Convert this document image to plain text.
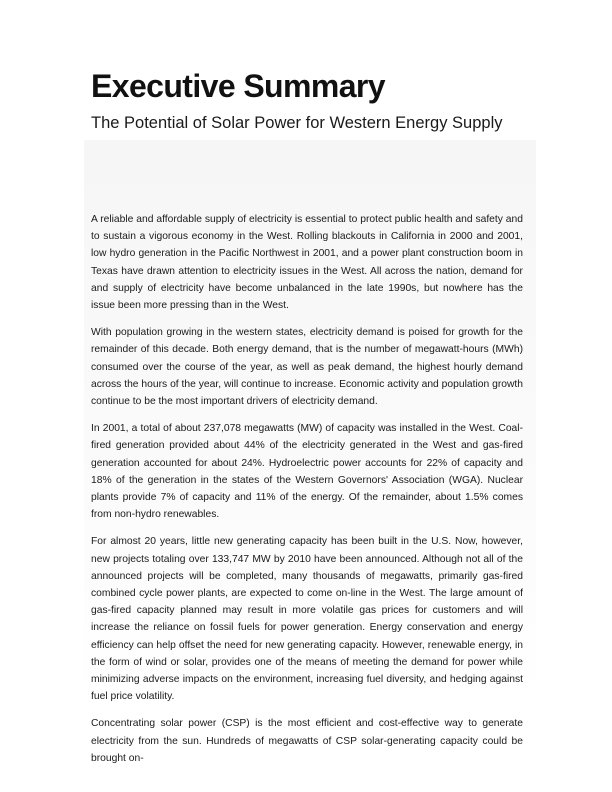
Executive Summary
The Potential of Solar Power for Western Energy Supply

A reliable and affordable supply of electricity is essential to protect public health and safety and to sustain a vigorous economy in the West. Rolling blackouts in California in 2000 and 2001, low hydro generation in the Pacific Northwest in 2001, and a power plant construction boom in Texas have drawn attention to electricity issues in the West. All across the nation, demand for and supply of electricity have become unbalanced in the late 1990s, but nowhere has the issue been more pressing than in the West.

With population growing in the western states, electricity demand is poised for growth for the remainder of this decade. Both energy demand, that is the number of megawatt-hours (MWh) consumed over the course of the year, as well as peak demand, the highest hourly demand across the hours of the year, will continue to increase. Economic activity and population growth continue to be the most important drivers of electricity demand.

In 2001, a total of about 237,078 megawatts (MW) of capacity was installed in the West. Coal-fired generation provided about 44% of the electricity generated in the West and gas-fired generation accounted for about 24%. Hydroelectric power accounts for 22% of capacity and 18% of the generation in the states of the Western Governors' Association (WGA). Nuclear plants provide 7% of capacity and 11% of the energy. Of the remainder, about 1.5% comes from non-hydro renewables.

For almost 20 years, little new generating capacity has been built in the U.S. Now, however, new projects totaling over 133,747 MW by 2010 have been announced. Although not all of the announced projects will be completed, many thousands of megawatts, primarily gas-fired combined cycle power plants, are expected to come on-line in the West. The large amount of gas-fired capacity planned may result in more volatile gas prices for customers and will increase the reliance on fossil fuels for power generation. Energy conservation and energy efficiency can help offset the need for new generating capacity. However, renewable energy, in the form of wind or solar, provides one of the means of meeting the demand for power while minimizing adverse impacts on the environment, increasing fuel diversity, and hedging against fuel price volatility.

Concentrating solar power (CSP) is the most efficient and cost-effective way to generate electricity from the sun. Hundreds of megawatts of CSP solar-generating capacity could be brought on-
